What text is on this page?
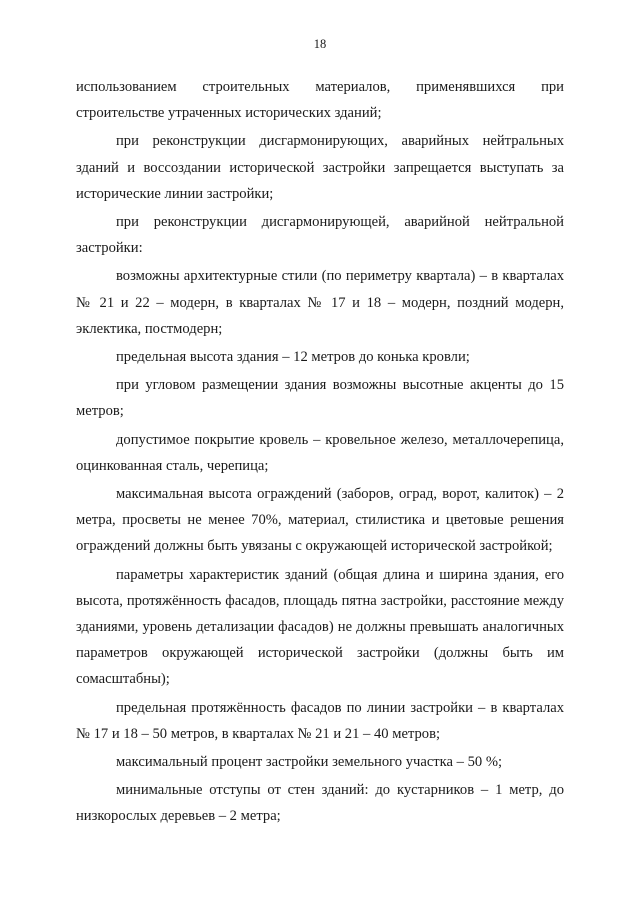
18

использованием строительных материалов, применявшихся при строительстве утраченных исторических зданий;

при реконструкции дисгармонирующих, аварийных нейтральных зданий и воссоздании исторической застройки запрещается выступать за исторические линии застройки;

при реконструкции дисгармонирующей, аварийной нейтральной застройки:

возможны архитектурные стили (по периметру квартала) – в кварталах № 21 и 22 – модерн, в кварталах № 17 и 18 – модерн, поздний модерн, эклектика, постмодерн;

предельная высота здания – 12 метров до конька кровли;

при угловом размещении здания возможны высотные акценты до 15 метров;

допустимое покрытие кровель – кровельное железо, металлочерепица, оцинкованная сталь, черепица;

максимальная высота ограждений (заборов, оград, ворот, калиток) – 2 метра, просветы не менее 70%, материал, стилистика и цветовые решения ограждений должны быть увязаны с окружающей исторической застройкой;

параметры характеристик зданий (общая длина и ширина здания, его высота, протяжённость фасадов, площадь пятна застройки, расстояние между зданиями, уровень детализации фасадов) не должны превышать аналогичных параметров окружающей исторической застройки (должны быть им сомасштабны);

предельная протяжённость фасадов по линии застройки – в кварталах № 17 и 18 – 50 метров, в кварталах № 21 и 21 – 40 метров;

максимальный процент застройки земельного участка – 50 %;

минимальные отступы от стен зданий: до кустарников – 1 метр, до низкорослых деревьев – 2 метра;
